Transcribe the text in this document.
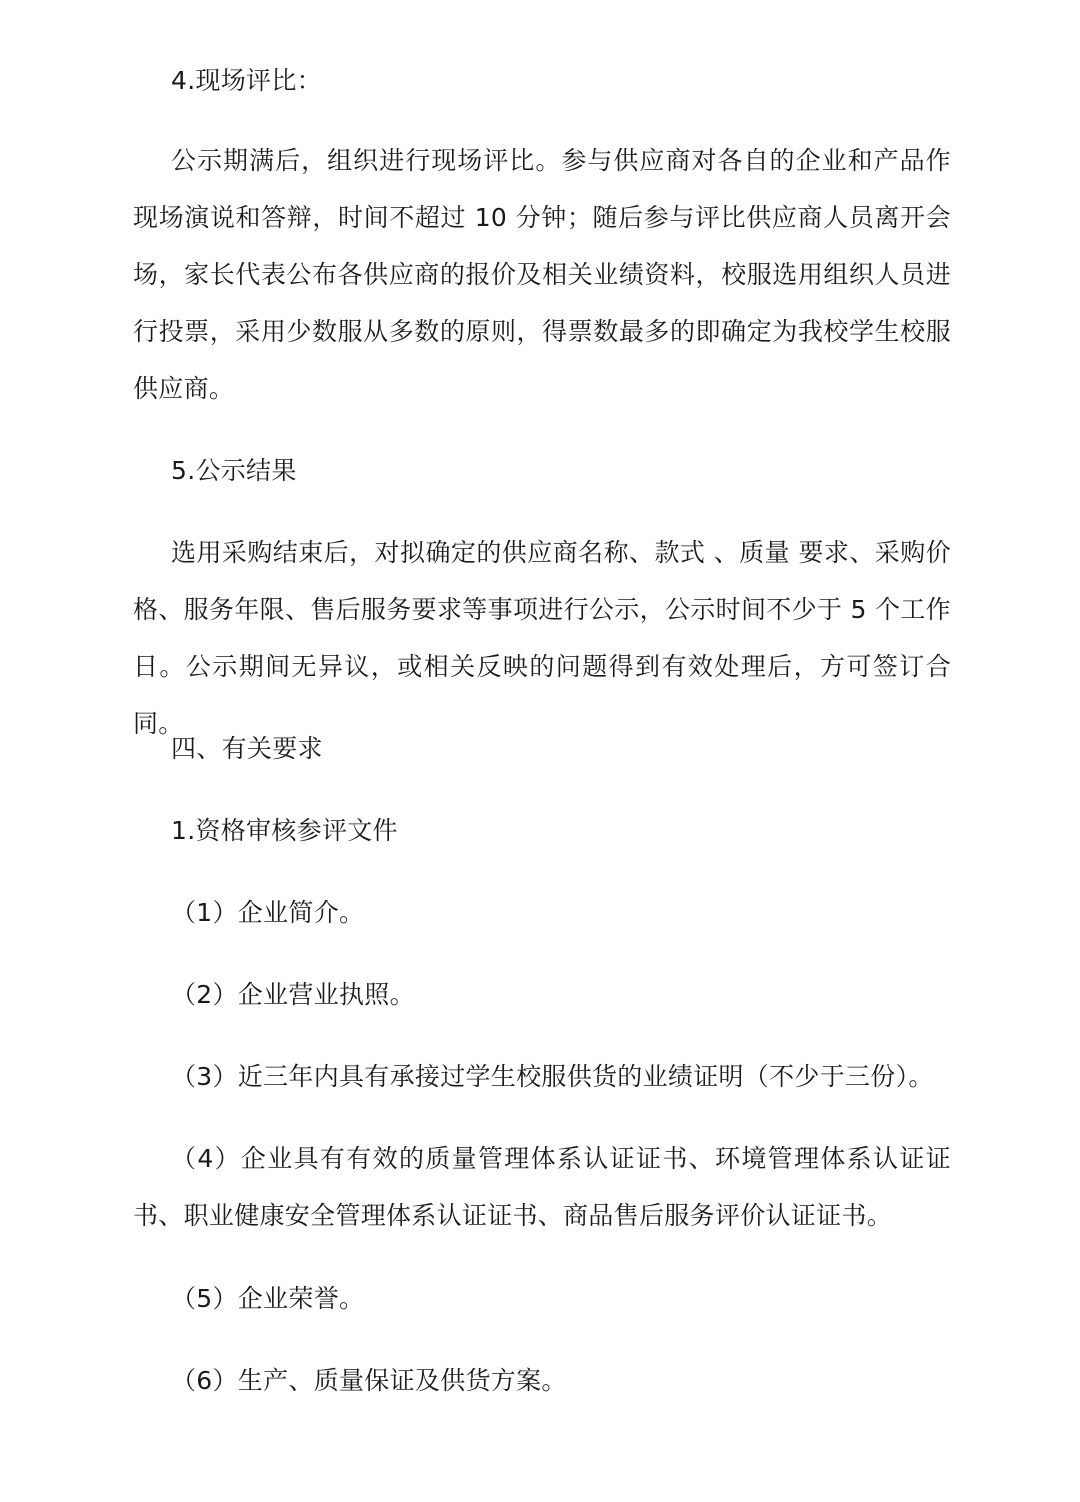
4.现场评比：

公示期满后，组织进行现场评比。参与供应商对各自的企业和产品作现场演说和答辩，时间不超过 10 分钟；随后参与评比供应商人员离开会场，家长代表公布各供应商的报价及相关业绩资料，校服选用组织人员进行投票，采用少数服从多数的原则，得票数最多的即确定为我校学生校服供应商。

5.公示结果

选用采购结束后，对拟确定的供应商名称、款式 、质量 要求、采购价格、服务年限、售后服务要求等事项进行公示，公示时间不少于 5 个工作日。公示期间无异议，或相关反映的问题得到有效处理后，方可签订合同。

四、有关要求

1.资格审核参评文件

（1）企业简介。

（2）企业营业执照。

（3）近三年内具有承接过学生校服供货的业绩证明（不少于三份）。

（4）企业具有有效的质量管理体系认证证书、环境管理体系认证证书、职业健康安全管理体系认证证书、商品售后服务评价认证证书。

（5）企业荣誉。

（6）生产、质量保证及供货方案。
